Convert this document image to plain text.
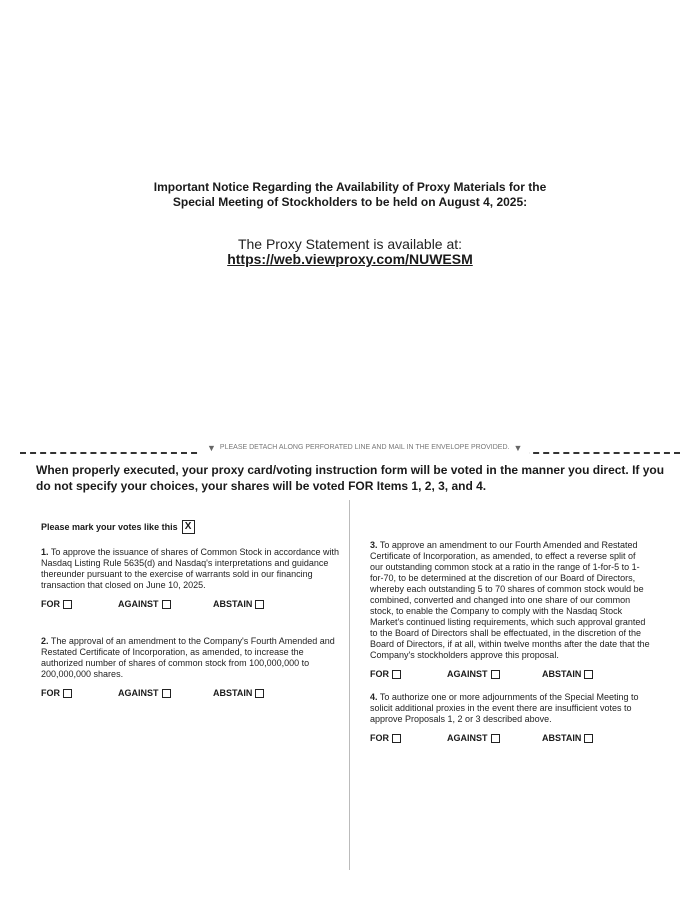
Important Notice Regarding the Availability of Proxy Materials for the
Special Meeting of Stockholders to be held on August 4, 2025:
The Proxy Statement is available at:
https://web.viewproxy.com/NUWESM
▼ PLEASE DETACH ALONG PERFORATED LINE AND MAIL IN THE ENVELOPE PROVIDED. ▼
When properly executed, your proxy card/voting instruction form will be voted in the manner you direct. If you do not specify your choices, your shares will be voted FOR Items 1, 2, 3, and 4.
Please mark your votes like this X

1. To approve the issuance of shares of Common Stock in accordance with Nasdaq Listing Rule 5635(d) and Nasdaq's interpretations and guidance thereunder pursuant to the exercise of warrants sold in our financing transaction that closed on June 10, 2025.

FOR	AGAINST	ABSTAIN

2. The approval of an amendment to the Company's Fourth Amended and Restated Certificate of Incorporation, as amended, to increase the authorized number of shares of common stock from 100,000,000 to 200,000,000 shares.

FOR	AGAINST	ABSTAIN

3. To approve an amendment to our Fourth Amended and Restated Certificate of Incorporation, as amended, to effect a reverse split of our outstanding common stock at a ratio in the range of 1-for-5 to 1-for-70, to be determined at the discretion of our Board of Directors, whereby each outstanding 5 to 70 shares of common stock would be combined, converted and changed into one share of our common stock, to enable the Company to comply with the Nasdaq Stock Market's continued listing requirements, which such approval granted to the Board of Directors shall be effectuated, in the discretion of the Board of Directors, if at all, within twelve months after the date that the Company's stockholders approve this proposal.

FOR	AGAINST	ABSTAIN

4. To authorize one or more adjournments of the Special Meeting to solicit additional proxies in the event there are insufficient votes to approve Proposals 1, 2 or 3 described above.

FOR	AGAINST	ABSTAIN
